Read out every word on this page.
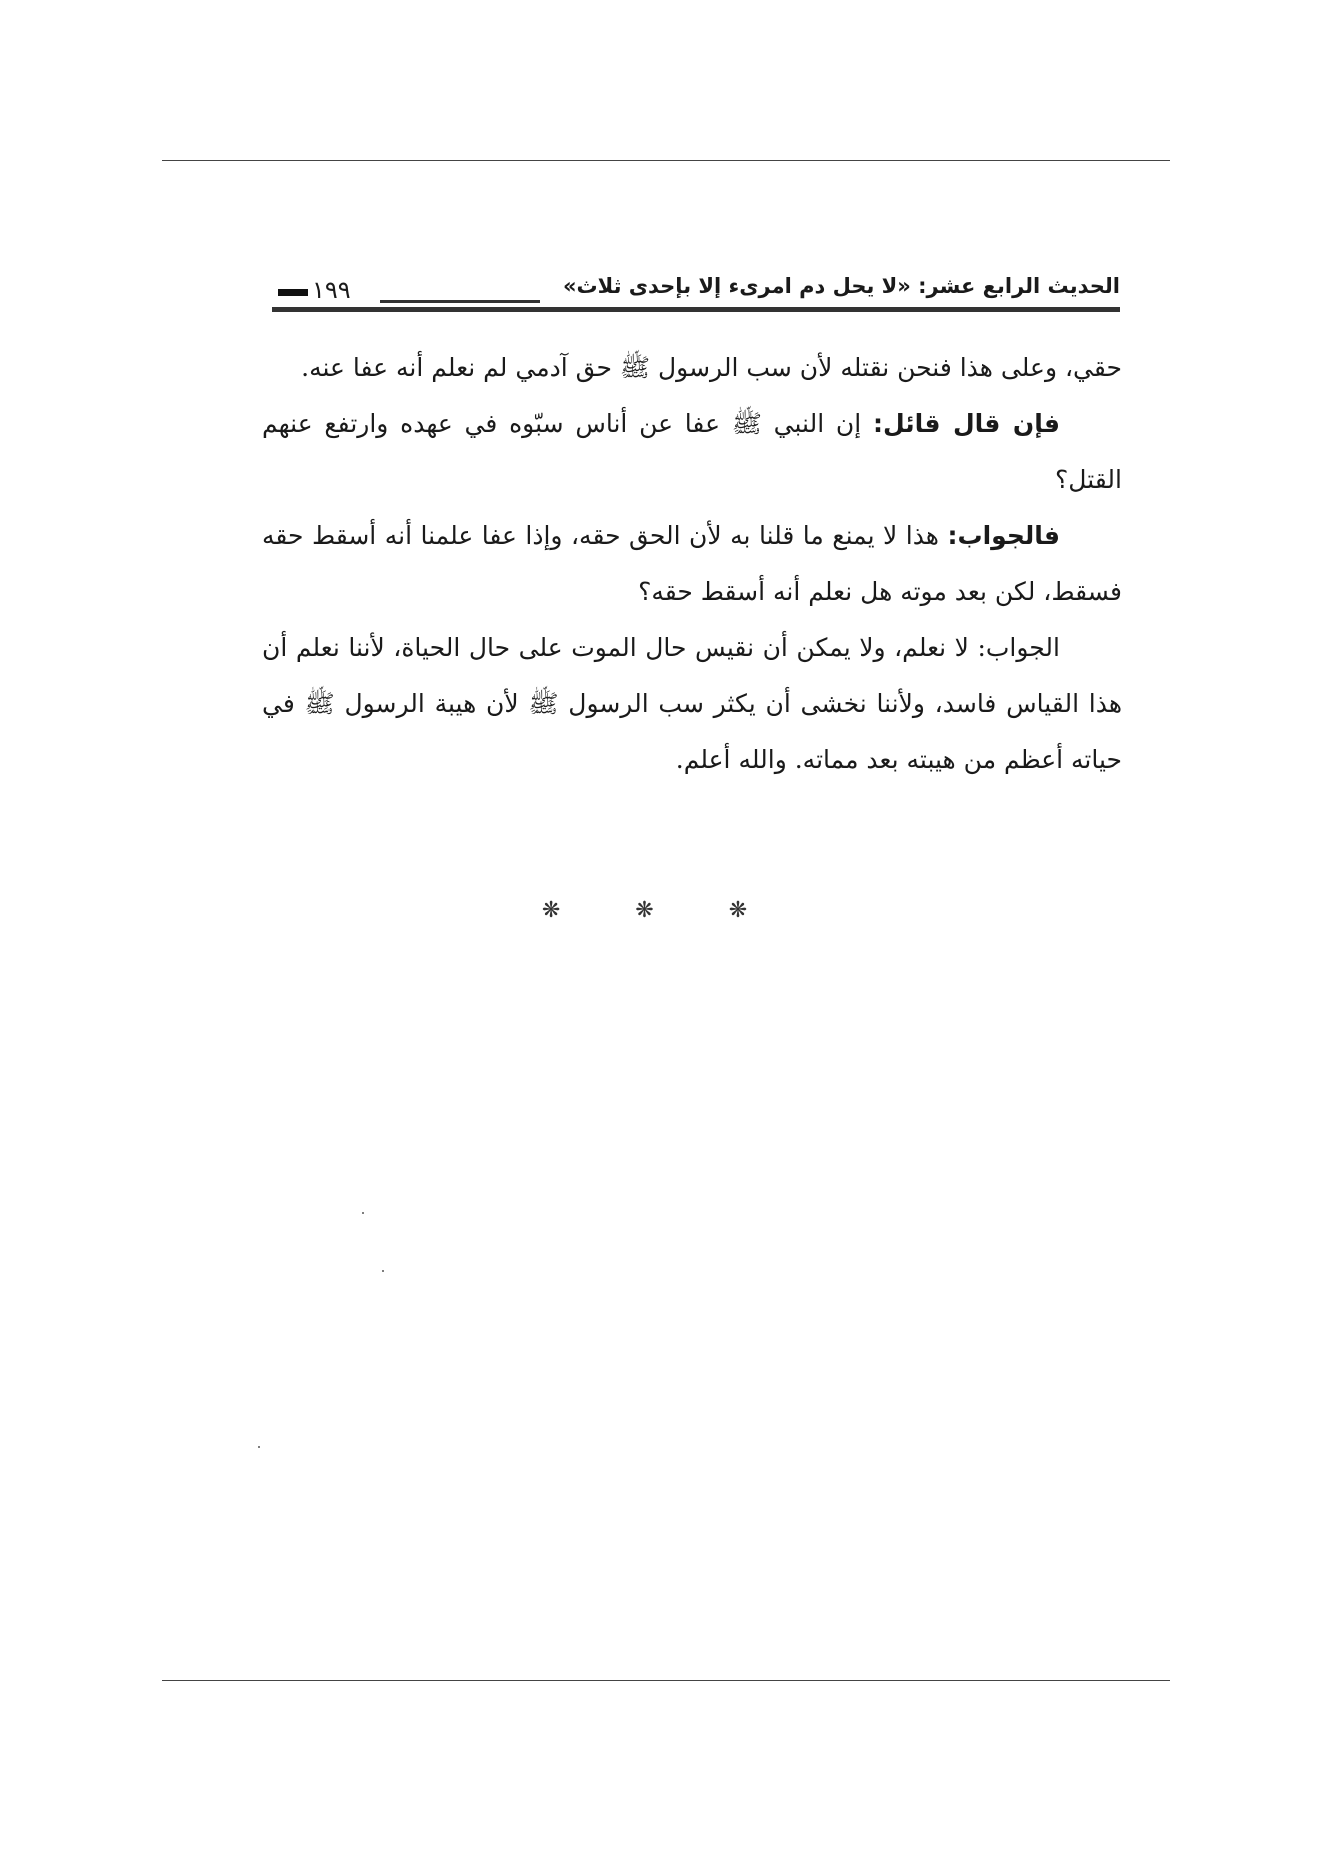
الحديث الرابع عشر: «لا يحل دم امرىء إلا بإحدى ثلاث»
١٩٩

حقي، وعلى هذا فنحن نقتله لأن سب الرسول ﷺ حق آدمي لم نعلم أنه عفا عنه.

فإن قال قائل: إن النبي ﷺ عفا عن أناس سبّوه في عهده وارتفع عنهم القتل؟

فالجواب: هذا لا يمنع ما قلنا به لأن الحق حقه، وإذا عفا علمنا أنه أسقط حقه فسقط، لكن بعد موته هل نعلم أنه أسقط حقه؟

الجواب: لا نعلم، ولا يمكن أن نقيس حال الموت على حال الحياة، لأننا نعلم أن هذا القياس فاسد، ولأننا نخشى أن يكثر سب الرسول ﷺ لأن هيبة الرسول ﷺ في حياته أعظم من هيبته بعد مماته. والله أعلم.

❋ ❋ ❋
